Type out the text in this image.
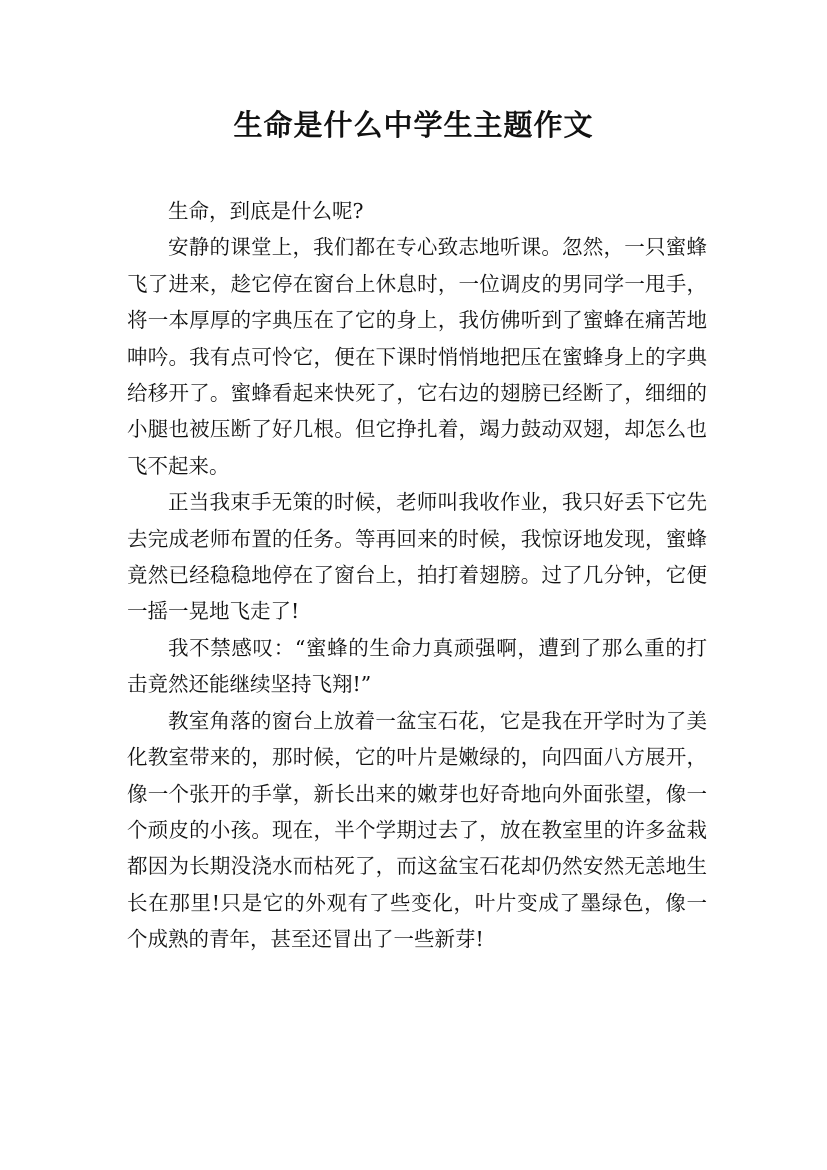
生命是什么中学生主题作文

生命，到底是什么呢?

安静的课堂上，我们都在专心致志地听课。忽然，一只蜜蜂飞了进来，趁它停在窗台上休息时，一位调皮的男同学一甩手，将一本厚厚的字典压在了它的身上，我仿佛听到了蜜蜂在痛苦地呻吟。我有点可怜它，便在下课时悄悄地把压在蜜蜂身上的字典给移开了。蜜蜂看起来快死了，它右边的翅膀已经断了，细细的小腿也被压断了好几根。但它挣扎着，竭力鼓动双翅，却怎么也飞不起来。

正当我束手无策的时候，老师叫我收作业，我只好丢下它先去完成老师布置的任务。等再回来的时候，我惊讶地发现，蜜蜂竟然已经稳稳地停在了窗台上，拍打着翅膀。过了几分钟，它便一摇一晃地飞走了!

我不禁感叹：“蜜蜂的生命力真顽强啊，遭到了那么重的打击竟然还能继续坚持飞翔!”

教室角落的窗台上放着一盆宝石花，它是我在开学时为了美化教室带来的，那时候，它的叶片是嫩绿的，向四面八方展开，像一个张开的手掌，新长出来的嫩芽也好奇地向外面张望，像一个顽皮的小孩。现在，半个学期过去了，放在教室里的许多盆栽都因为长期没浇水而枯死了，而这盆宝石花却仍然安然无恙地生长在那里!只是它的外观有了些变化，叶片变成了墨绿色，像一个成熟的青年，甚至还冒出了一些新芽!
